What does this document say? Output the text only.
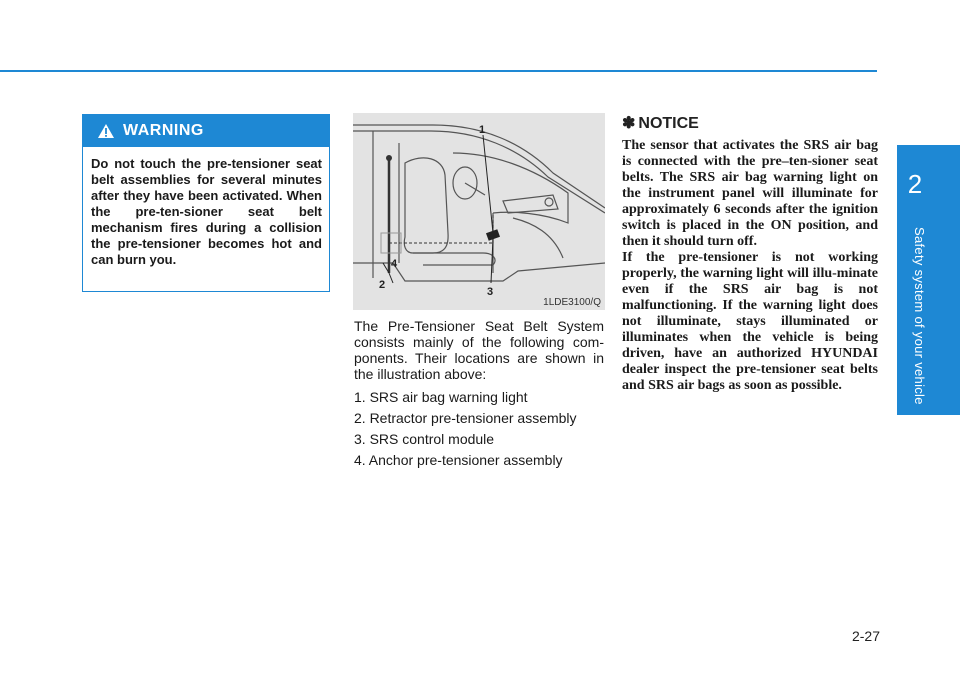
2
Safety system of your vehicle
WARNING
Do not touch the pre-tensioner seat belt assemblies for several minutes after they have been activated. When the pre-ten-sioner seat belt mechanism fires during a collision the pre-tensioner becomes hot and can burn you.
1
2
3
4
1LDE3100/Q

The Pre-Tensioner Seat Belt System consists mainly of the following com-ponents. Their locations are shown in the illustration above:

1. SRS air bag warning light
2. Retractor pre-tensioner assembly
3. SRS control module
4. Anchor pre-tensioner assembly
✽ NOTICE

The sensor that activates the SRS air bag is connected with the pre–ten-sioner seat belts. The SRS air bag warning light on the instrument panel will illuminate for approximately 6 seconds after the ignition switch is placed in the ON position, and then it should turn off.

If the pre-tensioner is not working properly, the warning light will illu-minate even if the SRS air bag is not malfunctioning. If the warning light does not illuminate, stays illuminated or illuminates when the vehicle is being driven, have an authorized HYUNDAI dealer inspect the pre-tensioner seat belts and SRS air bags as soon as possible.

2-27
